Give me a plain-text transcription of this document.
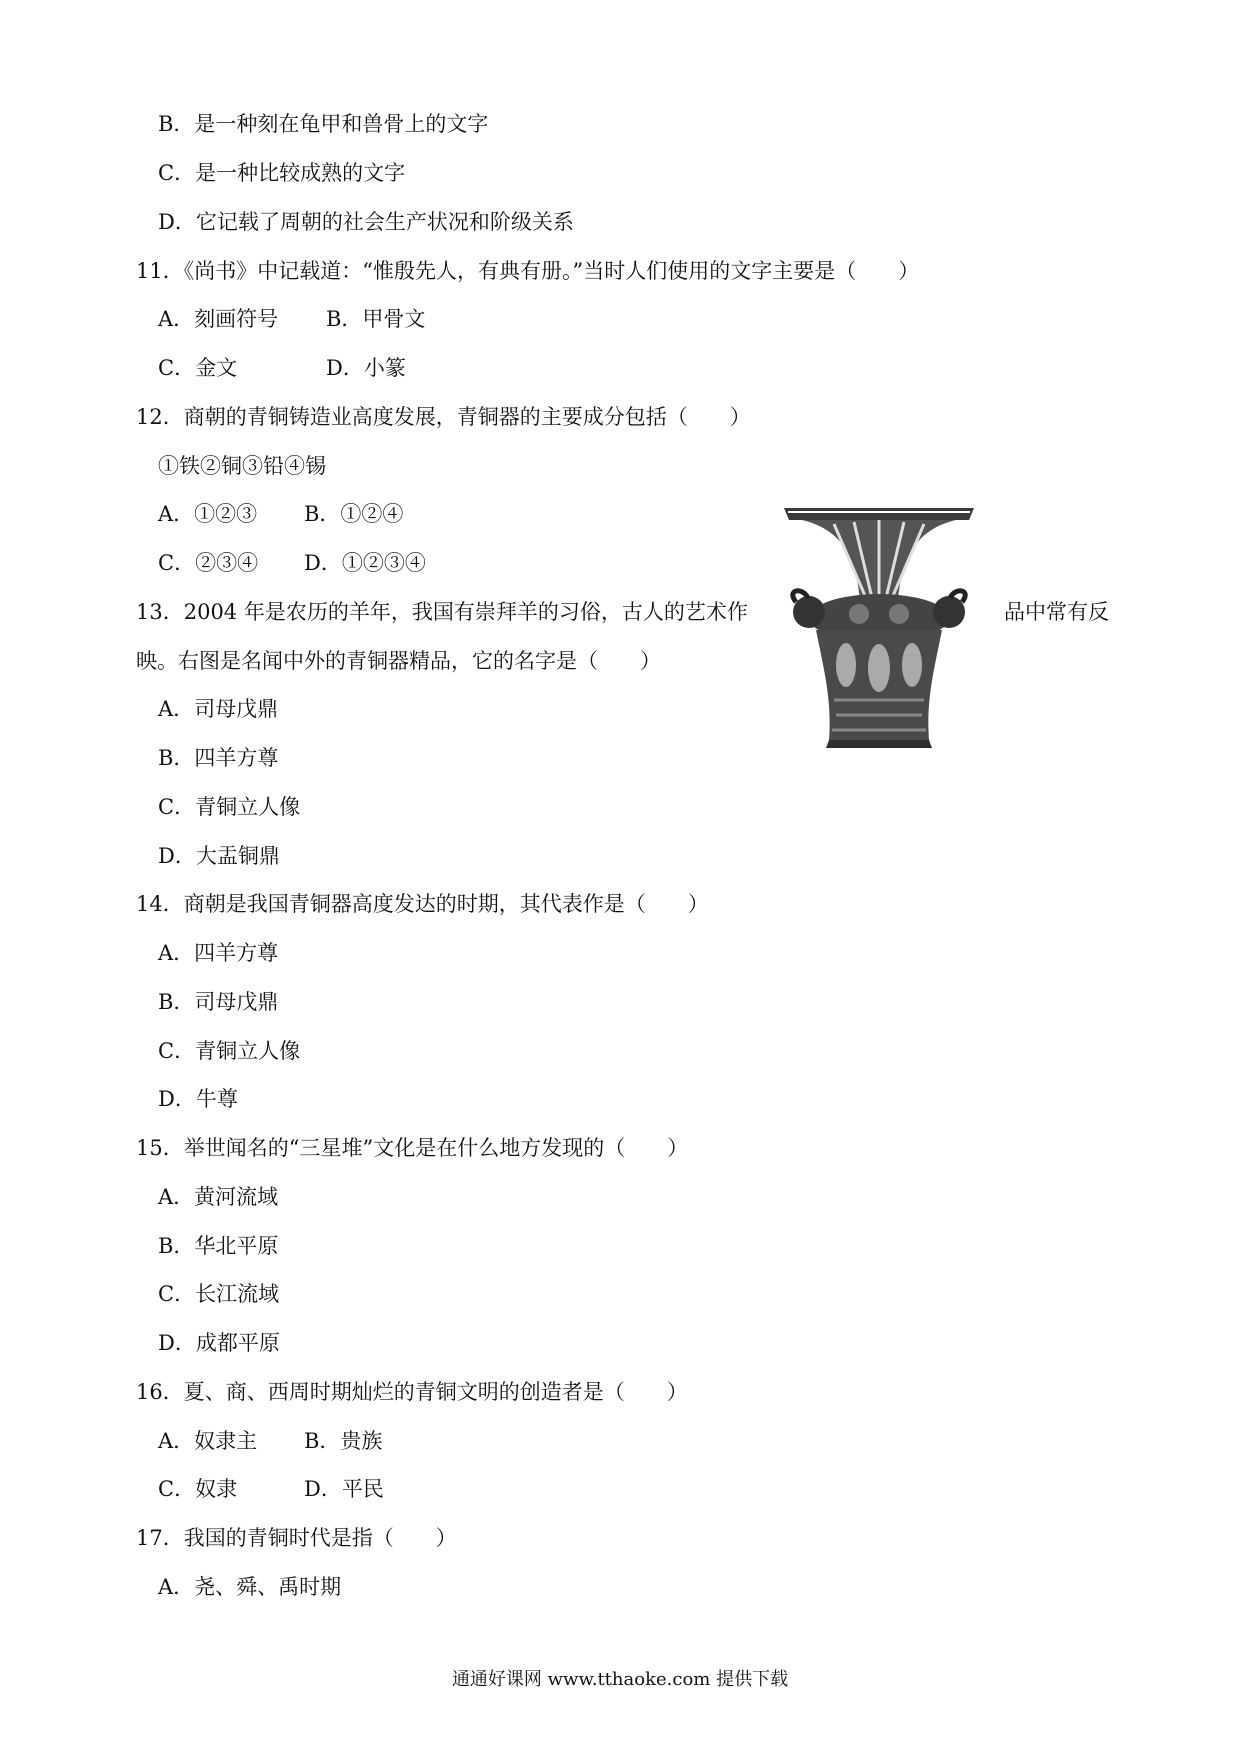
B．是一种刻在龟甲和兽骨上的文字
C．是一种比较成熟的文字
D．它记载了周朝的社会生产状况和阶级关系
11．《尚书》中记载道：“惟殷先人，有典有册。”当时人们使用的文字主要是（　　）
A．刻画符号 B．甲骨文
C．金文	D．小篆
12．商朝的青铜铸造业高度发展，青铜器的主要成分包括（　　）
①铁②铜③铅④锡
A．①②③ B．①②④
C．②③④ D．①②③④
13．2004 年是农历的羊年，我国有崇拜羊的习俗，古人的艺术作	品中常有反
映。右图是名闻中外的青铜器精品，它的名字是（　　）
A．司母戊鼎
B．四羊方尊
C．青铜立人像
D．大盂铜鼎
14．商朝是我国青铜器高度发达的时期，其代表作是（　　）
A．四羊方尊
B．司母戊鼎
C．青铜立人像
D．牛尊
15．举世闻名的“三星堆”文化是在什么地方发现的（　　）
A．黄河流域
B．华北平原
C．长江流域
D．成都平原
16．夏、商、西周时期灿烂的青铜文明的创造者是（　　）
A．奴隶主 B．贵族
C．奴隶	D．平民
17．我国的青铜时代是指（　　）
A．尧、舜、禹时期
通通好课网 www.tthaoke.com 提供下载
